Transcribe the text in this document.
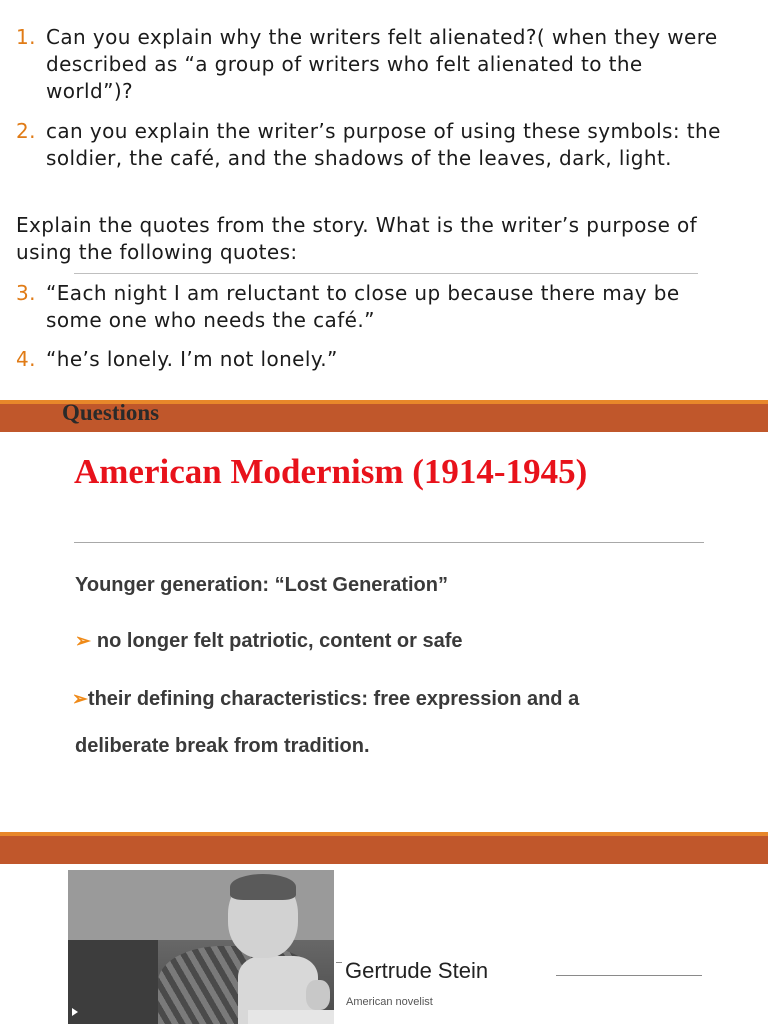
1. Can you explain why the writers felt alienated?( when they were described as “a group of writers who felt alienated to the world”)?
2. can you explain the writer’s purpose of using these symbols: the soldier, the café, and the shadows of the leaves, dark, light.
Explain the quotes from the story. What is the writer’s purpose of using the following quotes:
3. “Each night I am reluctant to close up because there may be some one who needs the café.”
4. “he’s lonely. I’m not lonely.”
Questions
American Modernism (1914-1945)
Younger generation: “Lost Generation”
➢ no longer felt patriotic, content or safe
➢their defining characteristics: free expression and a
deliberate break from tradition.
Gertrude Stein
American novelist
